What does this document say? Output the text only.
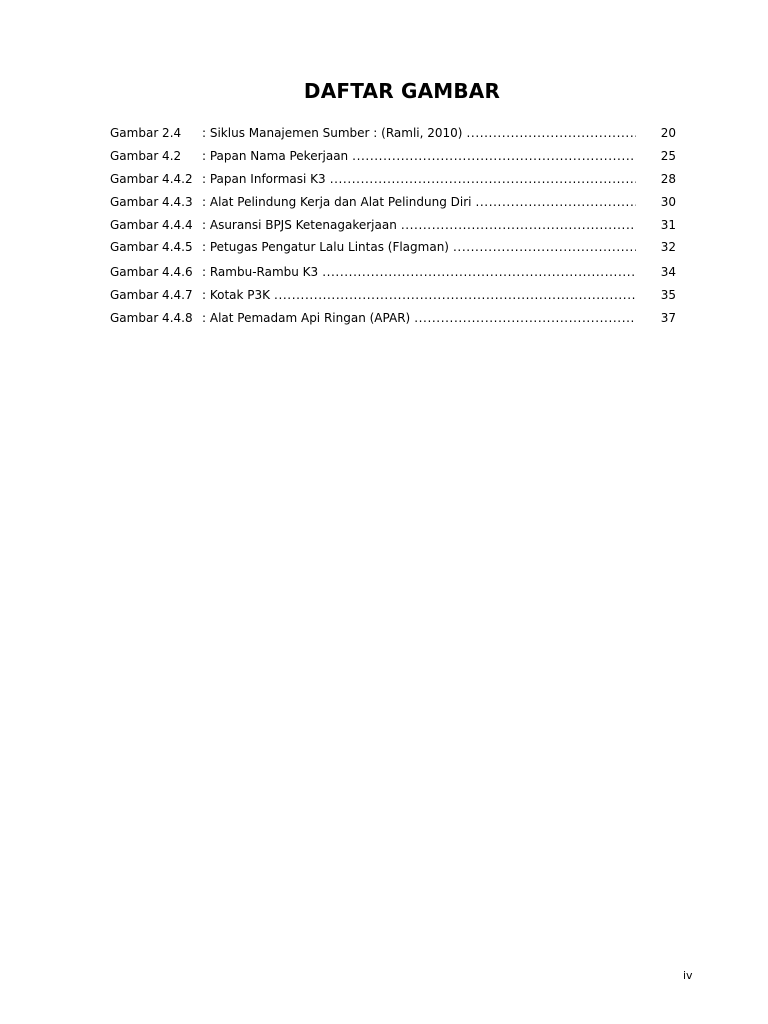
DAFTAR GAMBAR
Gambar 2.4	: Siklus Manajemen Sumber : (Ramli, 2010) .....	20
Gambar 4.2	: Papan Nama Pekerjaan .....	25
Gambar 4.4.2 : Papan Informasi K3 .....	28
Gambar 4.4.3 : Alat Pelindung Kerja dan Alat Pelindung Diri .....	30
Gambar 4.4.4 : Asuransi BPJS Ketenagakerjaan .....	31
Gambar 4.4.5 : Petugas Pengatur Lalu Lintas (Flagman) .....	32
Gambar 4.4.6 : Rambu-Rambu K3 .....	34
Gambar 4.4.7 : Kotak P3K .....	35
Gambar 4.4.8 : Alat Pemadam Api Ringan (APAR) .....	37
iv
